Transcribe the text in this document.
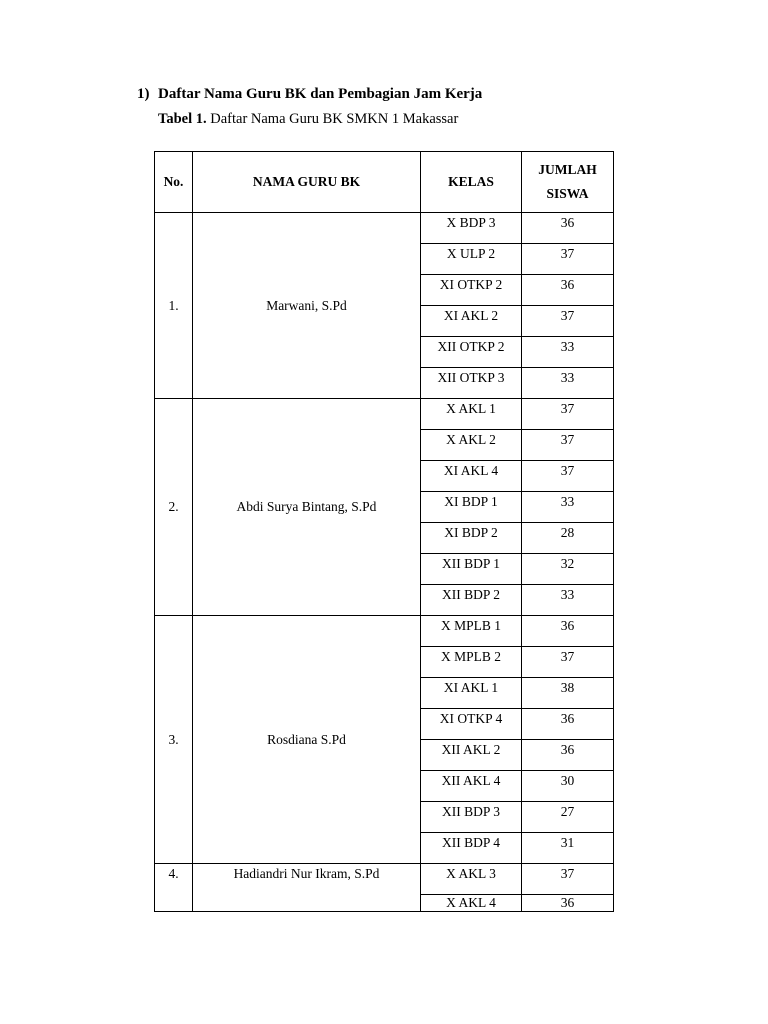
1) Daftar Nama Guru BK dan Pembagian Jam Kerja
Tabel 1. Daftar Nama Guru BK SMKN 1 Makassar
No.	NAMA GURU BK	KELAS	JUMLAH SISWA
1.	Marwani, S.Pd	X BDP 3	36
		X ULP 2	37
		XI OTKP 2	36
		XI AKL 2	37
		XII OTKP 2	33
		XII OTKP 3	33
2.	Abdi Surya Bintang, S.Pd	X AKL 1	37
		X AKL 2	37
		XI AKL 4	37
		XI BDP 1	33
		XI BDP 2	28
		XII BDP 1	32
		XII BDP 2	33
3.	Rosdiana S.Pd	X MPLB 1	36
		X MPLB 2	37
		XI AKL 1	38
		XI OTKP 4	36
		XII AKL 2	36
		XII AKL 4	30
		XII BDP 3	27
		XII BDP 4	31
4.	Hadiandri Nur Ikram, S.Pd	X AKL 3	37
		X AKL 4	36
